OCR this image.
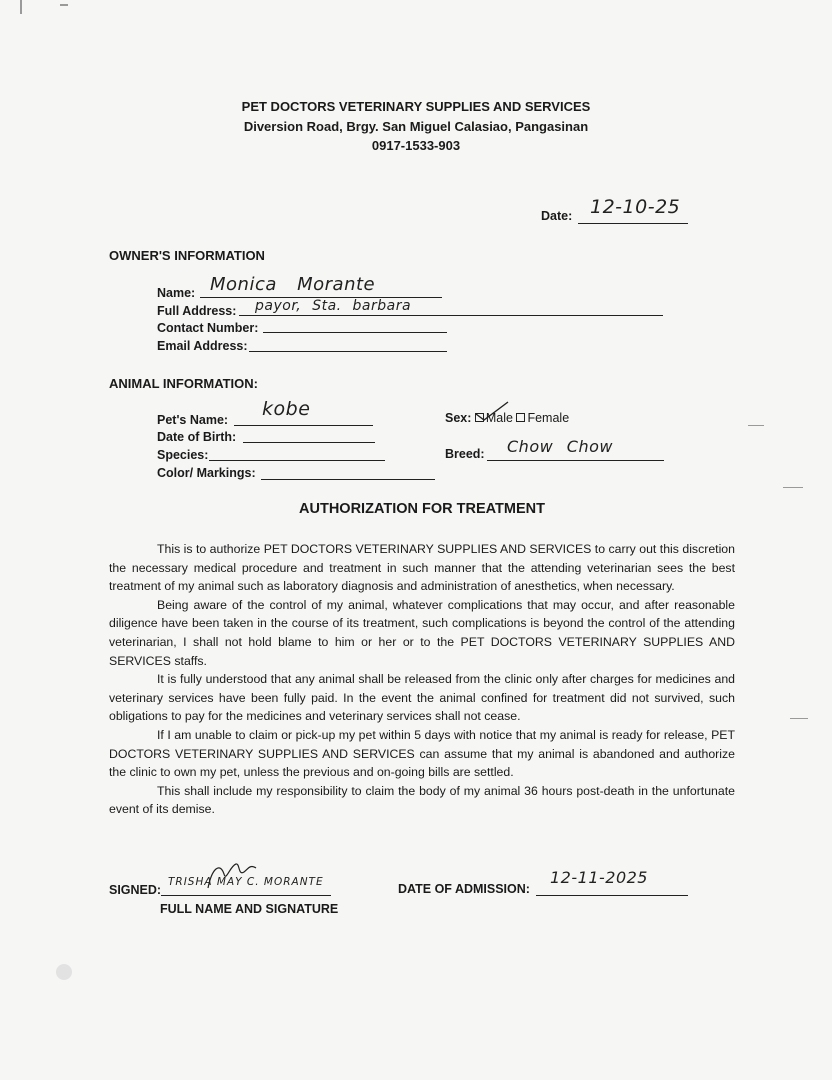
PET DOCTORS VETERINARY SUPPLIES AND SERVICES
Diversion Road, Brgy. San Miguel Calasiao, Pangasinan
0917-1533-903
Date: 12-10-25
OWNER'S INFORMATION
Name: Monica Morante
Full Address: payor, Sta. barbara
Contact Number:
Email Address:
ANIMAL INFORMATION:
Pet's Name: kobe
Date of Birth:
Species:
Color/ Markings:
Sex: Male Female
Breed: Chow Chow
AUTHORIZATION FOR TREATMENT

This is to authorize PET DOCTORS VETERINARY SUPPLIES AND SERVICES to carry out this discretion the necessary medical procedure and treatment in such manner that the attending veterinarian sees the best treatment of my animal such as laboratory diagnosis and administration of anesthetics, when necessary.

Being aware of the control of my animal, whatever complications that may occur, and after reasonable diligence have been taken in the course of its treatment, such complications is beyond the control of the attending veterinarian, I shall not hold blame to him or her or to the PET DOCTORS VETERINARY SUPPLIES AND SERVICES staffs.

It is fully understood that any animal shall be released from the clinic only after charges for medicines and veterinary services have been fully paid. In the event the animal confined for treatment did not survived, such obligations to pay for the medicines and veterinary services shall not cease.

If I am unable to claim or pick-up my pet within 5 days with notice that my animal is ready for release, PET DOCTORS VETERINARY SUPPLIES AND SERVICES can assume that my animal is abandoned and authorize the clinic to own my pet, unless the previous and on-going bills are settled.

This shall include my responsibility to claim the body of my animal 36 hours post-death in the unfortunate event of its demise.

SIGNED:
TRISHA MAY C. MORANTE
FULL NAME AND SIGNATURE
DATE OF ADMISSION:
12-11-2025
